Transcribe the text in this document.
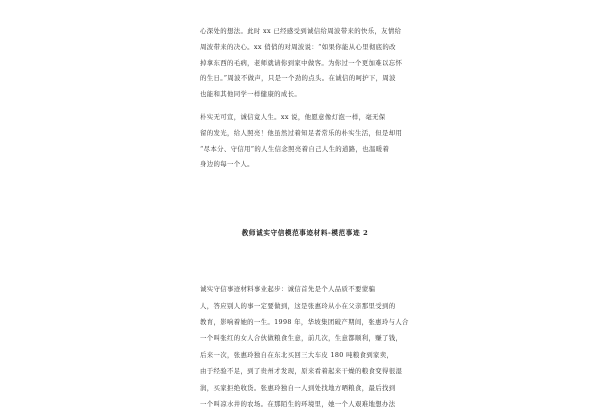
心深处的想法。此时 xx 已经感受到诚信给周波带来的快乐，友情给

周波带来的决心。xx 俏俏的对周波说：“如果你能从心里彻底的改

掉拿东西的毛病，老师就请你到家中做客。为你过一个更加难以忘怀

的生日。”周波不做声，只是一个劲的点头。在诚信的呵护下，周波

也能和其他同学一样健康的成长。

朴实无可宣，诚信竟人生。xx 说，他愿意像灯泡一样，毫无保

留的发光，给人照亮！他虽然过着知足者常乐的朴实生活，但是却用

“尽本分、守信用”的人生信念照亮着自己人生的道路，也温暖着

身边的每一个人。

教师诚实守信模范事迹材料-模范事迹 2

诚实守信事迹材料事业起步：诚信首先是个人品质不要蒙骗

人，答应别人的事一定要做到，这是张惠玲从小在父亲那里受到的

教育，影响着她的一生。1998 年，华坡集团破产期间，张惠玲与人合

一个叫张红的女人合伙做粮食生意，前几次，生意都顺利，赚了钱，

后来一次，张惠玲独自在东北买回三大车皮 180 吨粮食到家卖，

由于经验不足，到了贵州才发现，原来看着起来干燥的粮食变得很湿

润，买家拒绝收货。张惠玲独自一人到处找地方晒粮食，最后找到

一个叫凉水井的农场。在那陌生的环境里，她一个人艰难地想办法
